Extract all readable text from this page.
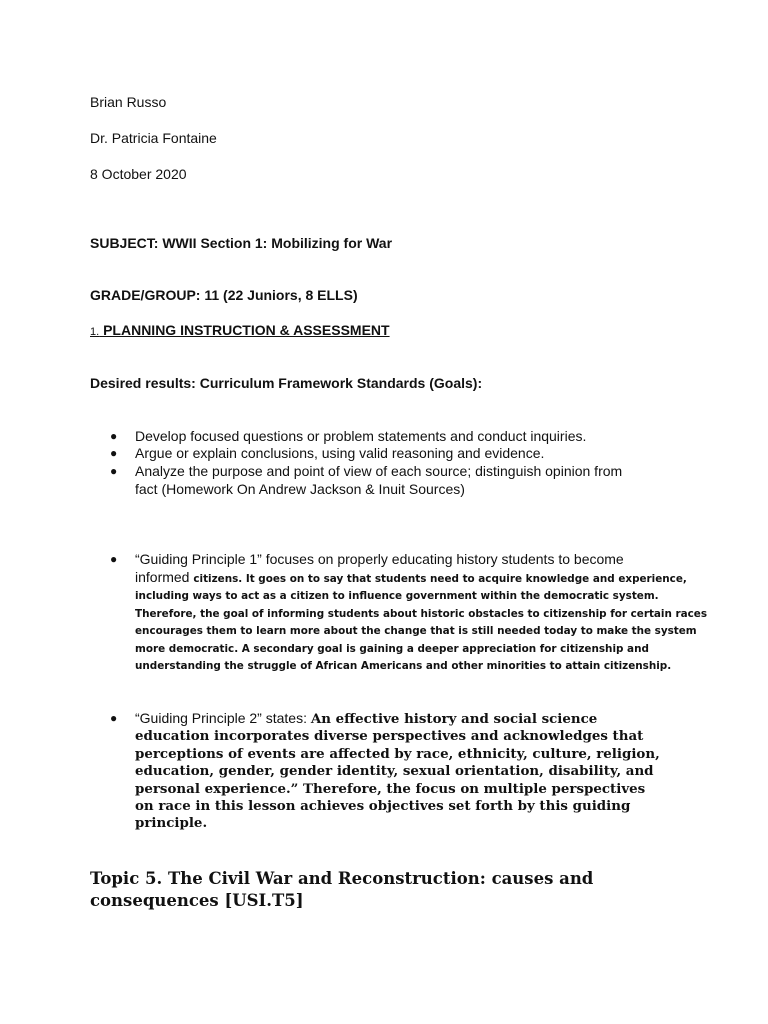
Brian Russo
Dr. Patricia Fontaine
8 October 2020
SUBJECT: WWII Section 1: Mobilizing for War
GRADE/GROUP: 11 (22 Juniors, 8 ELLS)
1. PLANNING INSTRUCTION & ASSESSMENT
Desired results: Curriculum Framework Standards (Goals):
● Develop focused questions or problem statements and conduct inquiries.
● Argue or explain conclusions, using valid reasoning and evidence.
● Analyze the purpose and point of view of each source; distinguish opinion from
fact (Homework On Andrew Jackson & Inuit Sources)
● “Guiding Principle 1” focuses on properly educating history students to become
informed citizens. It goes on to say that students need to acquire knowledge and experience,
including ways to act as a citizen to influence government within the democratic system.
Therefore, the goal of informing students about historic obstacles to citizenship for certain races
encourages them to learn more about the change that is still needed today to make the system
more democratic. A secondary goal is gaining a deeper appreciation for citizenship and
understanding the struggle of African Americans and other minorities to attain citizenship.
● “Guiding Principle 2” states: An effective history and social science
education incorporates diverse perspectives and acknowledges that
perceptions of events are affected by race, ethnicity, culture, religion,
education, gender, gender identity, sexual orientation, disability, and
personal experience.” Therefore, the focus on multiple perspectives
on race in this lesson achieves objectives set forth by this guiding
principle.
Topic 5. The Civil War and Reconstruction: causes and
consequences [USI.T5]
